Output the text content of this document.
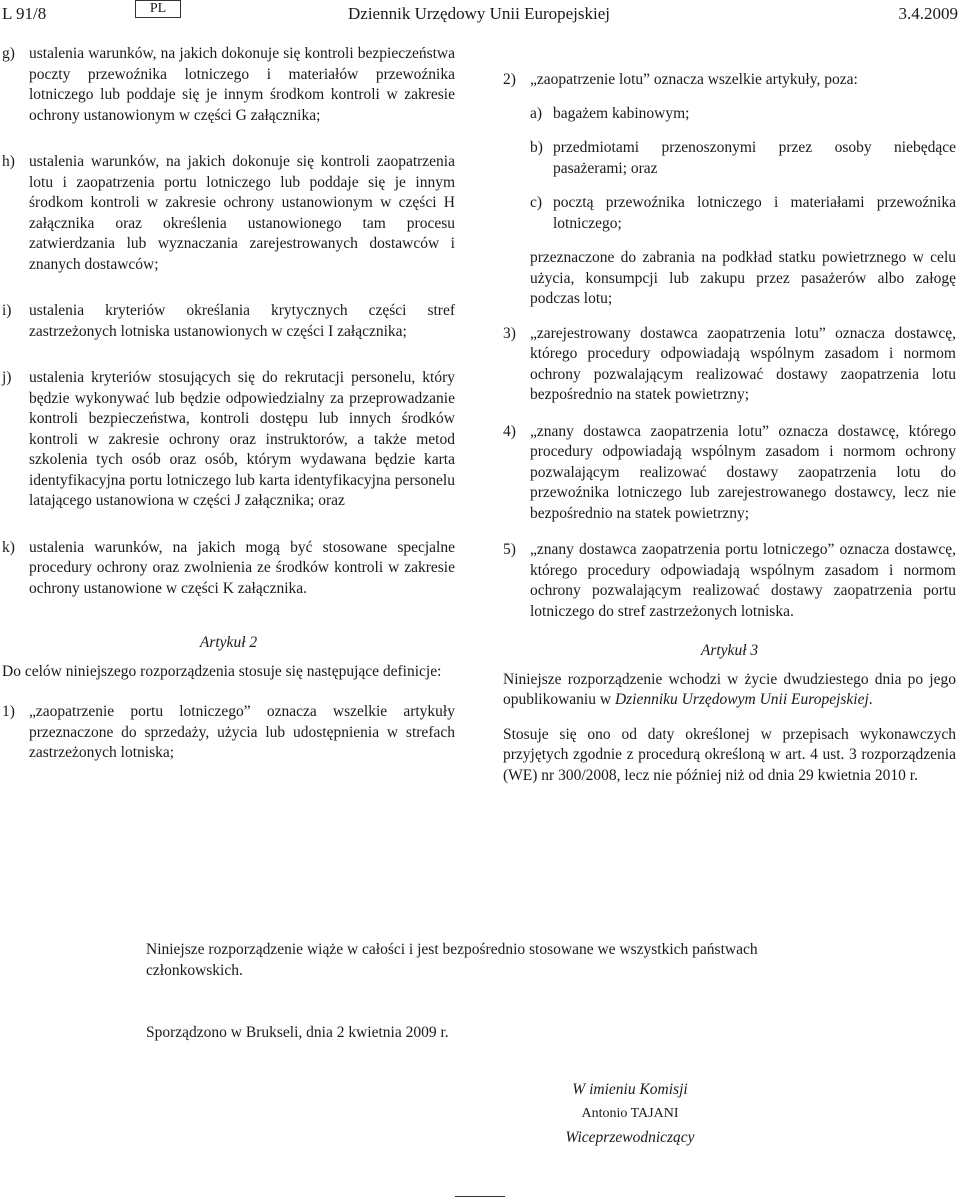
L 91/8	PL	Dziennik Urzędowy Unii Europejskiej	3.4.2009
g) ustalenia warunków, na jakich dokonuje się kontroli bezpieczeństwa poczty przewoźnika lotniczego i materiałów przewoźnika lotniczego lub poddaje się je innym środkom kontroli w zakresie ochrony ustanowionym w części G załącznika;
h) ustalenia warunków, na jakich dokonuje się kontroli zaopatrzenia lotu i zaopatrzenia portu lotniczego lub poddaje się je innym środkom kontroli w zakresie ochrony ustanowionym w części H załącznika oraz określenia ustanowionego tam procesu zatwierdzania lub wyznaczania zarejestrowanych dostawców i znanych dostawców;
i)	ustalenia kryteriów określania krytycznych części stref zastrzeżonych lotniska ustanowionych w części I załącznika;
j)	ustalenia kryteriów stosujących się do rekrutacji personelu, który będzie wykonywać lub będzie odpowiedzialny za przeprowadzanie kontroli bezpieczeństwa, kontroli dostępu lub innych środków kontroli w zakresie ochrony oraz instruktorów, a także metod szkolenia tych osób oraz osób, którym wydawana będzie karta identyfikacyjna portu lotniczego lub karta identyfikacyjna personelu latającego ustanowiona w części J załącznika; oraz
k) ustalenia warunków, na jakich mogą być stosowane specjalne procedury ochrony oraz zwolnienia ze środków kontroli w zakresie ochrony ustanowione w części K załącznika.
Artykuł 2
Do celów niniejszego rozporządzenia stosuje się następujące definicje:
1) „zaopatrzenie portu lotniczego” oznacza wszelkie artykuły przeznaczone do sprzedaży, użycia lub udostępnienia w strefach zastrzeżonych lotniska;
2) „zaopatrzenie lotu” oznacza wszelkie artykuły, poza:
a) bagażem kabinowym;
b) przedmiotami przenoszonymi przez osoby niebędące pasażerami; oraz
c) pocztą przewoźnika lotniczego i materiałami przewoźnika lotniczego;
przeznaczone do zabrania na podkład statku powietrznego w celu użycia, konsumpcji lub zakupu przez pasażerów albo załogę podczas lotu;
3) „zarejestrowany dostawca zaopatrzenia lotu” oznacza dostawcę, którego procedury odpowiadają wspólnym zasadom i normom ochrony pozwalającym realizować dostawy zaopatrzenia lotu bezpośrednio na statek powietrzny;
4) „znany dostawca zaopatrzenia lotu” oznacza dostawcę, którego procedury odpowiadają wspólnym zasadom i normom ochrony pozwalającym realizować dostawy zaopatrzenia lotu do przewoźnika lotniczego lub zarejestrowanego dostawcy, lecz nie bezpośrednio na statek powietrzny;
5) „znany dostawca zaopatrzenia portu lotniczego” oznacza dostawcę, którego procedury odpowiadają wspólnym zasadom i normom ochrony pozwalającym realizować dostawy zaopatrzenia portu lotniczego do stref zastrzeżonych lotniska.
Artykuł 3
Niniejsze rozporządzenie wchodzi w życie dwudziestego dnia po jego opublikowaniu w Dzienniku Urzędowym Unii Europejskiej.
Stosuje się ono od daty określonej w przepisach wykonawczych przyjętych zgodnie z procedurą określoną w art. 4 ust. 3 rozporządzenia (WE) nr 300/2008, lecz nie później niż od dnia 29 kwietnia 2010 r.
Niniejsze rozporządzenie wiąże w całości i jest bezpośrednio stosowane we wszystkich państwach członkowskich.
Sporządzono w Brukseli, dnia 2 kwietnia 2009 r.
W imieniu Komisji
Antonio TAJANI
Wiceprzewodniczący
